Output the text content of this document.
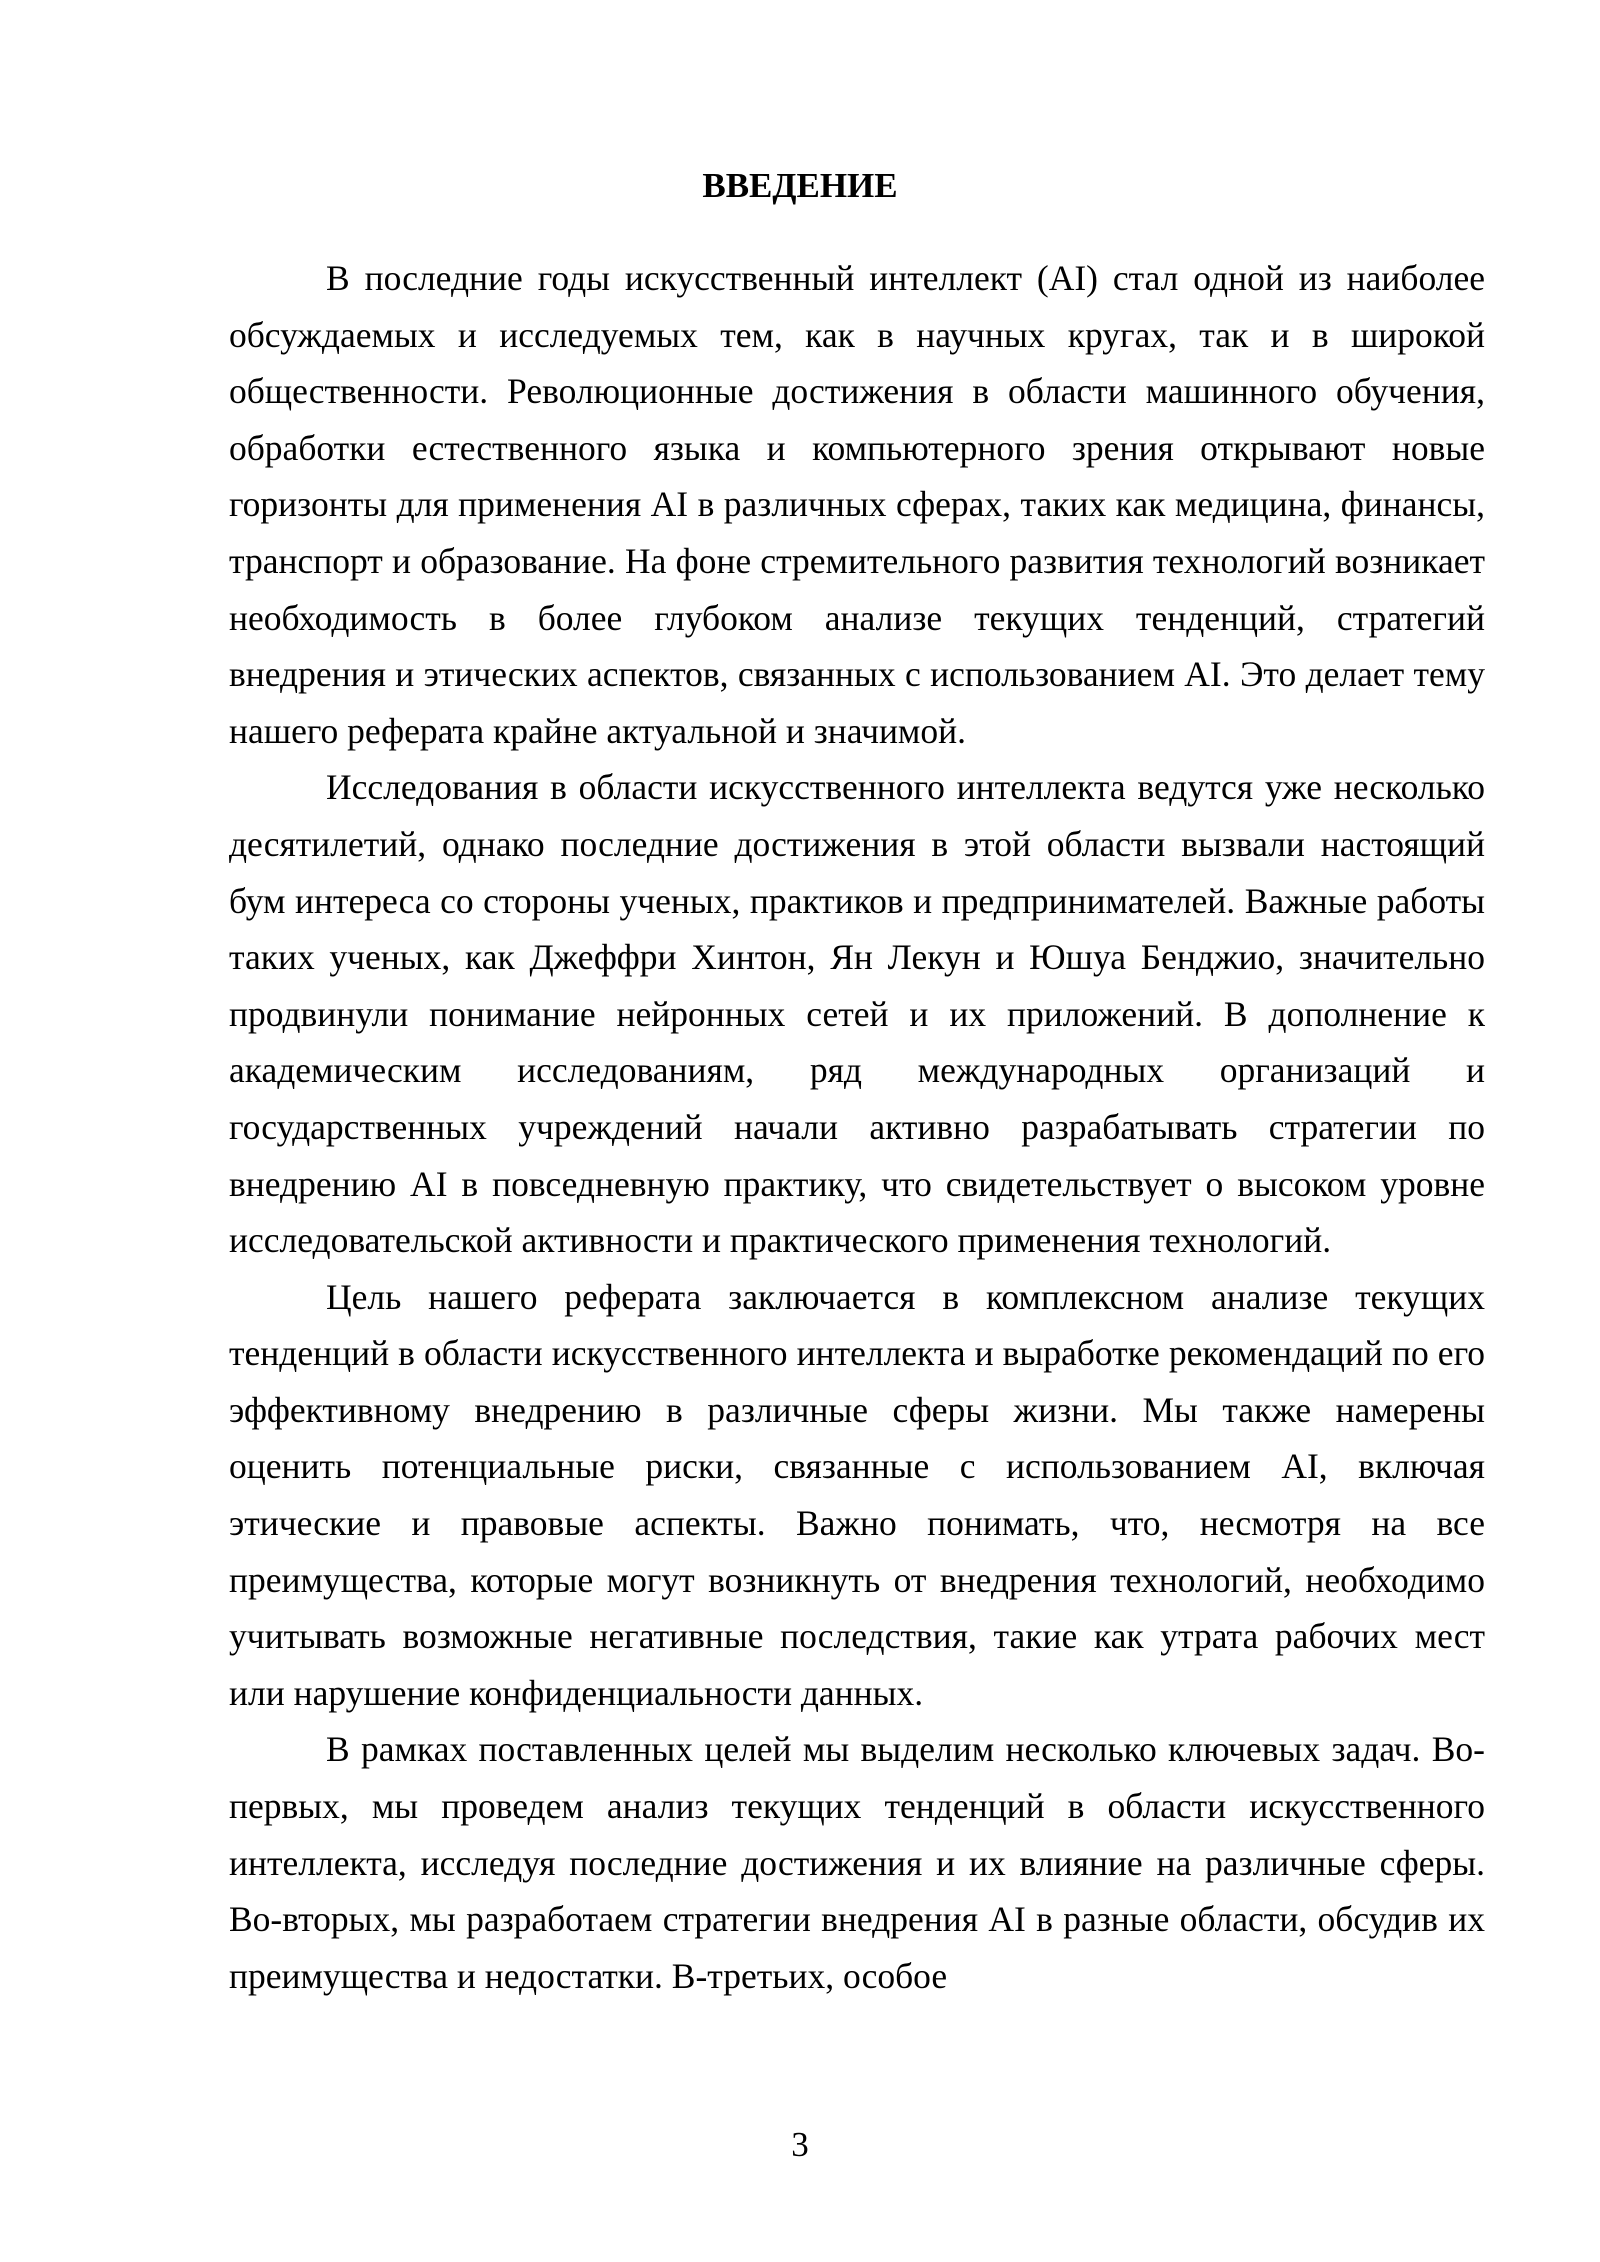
ВВЕДЕНИЕ

В последние годы искусственный интеллект (AI) стал одной из наиболее обсуждаемых и исследуемых тем, как в научных кругах, так и в широкой общественности. Революционные достижения в области машинного обучения, обработки естественного языка и компьютерного зрения открывают новые горизонты для применения AI в различных сферах, таких как медицина, финансы, транспорт и образование. На фоне стремительного развития технологий возникает необходимость в более глубоком анализе текущих тенденций, стратегий внедрения и этических аспектов, связанных с использованием AI. Это делает тему нашего реферата крайне актуальной и значимой.

Исследования в области искусственного интеллекта ведутся уже несколько десятилетий, однако последние достижения в этой области вызвали настоящий бум интереса со стороны ученых, практиков и предпринимателей. Важные работы таких ученых, как Джеффри Хинтон, Ян Лекун и Юшуа Бенджио, значительно продвинули понимание нейронных сетей и их приложений. В дополнение к академическим исследованиям, ряд международных организаций и государственных учреждений начали активно разрабатывать стратегии по внедрению AI в повседневную практику, что свидетельствует о высоком уровне исследовательской активности и практического применения технологий.

Цель нашего реферата заключается в комплексном анализе текущих тенденций в области искусственного интеллекта и выработке рекомендаций по его эффективному внедрению в различные сферы жизни. Мы также намерены оценить потенциальные риски, связанные с использованием AI, включая этические и правовые аспекты. Важно понимать, что, несмотря на все преимущества, которые могут возникнуть от внедрения технологий, необходимо учитывать возможные негативные последствия, такие как утрата рабочих мест или нарушение конфиденциальности данных.

В рамках поставленных целей мы выделим несколько ключевых задач. Во-первых, мы проведем анализ текущих тенденций в области искусственного интеллекта, исследуя последние достижения и их влияние на различные сферы. Во-вторых, мы разработаем стратегии внедрения AI в разные области, обсудив их преимущества и недостатки. В-третьих, особое

3
